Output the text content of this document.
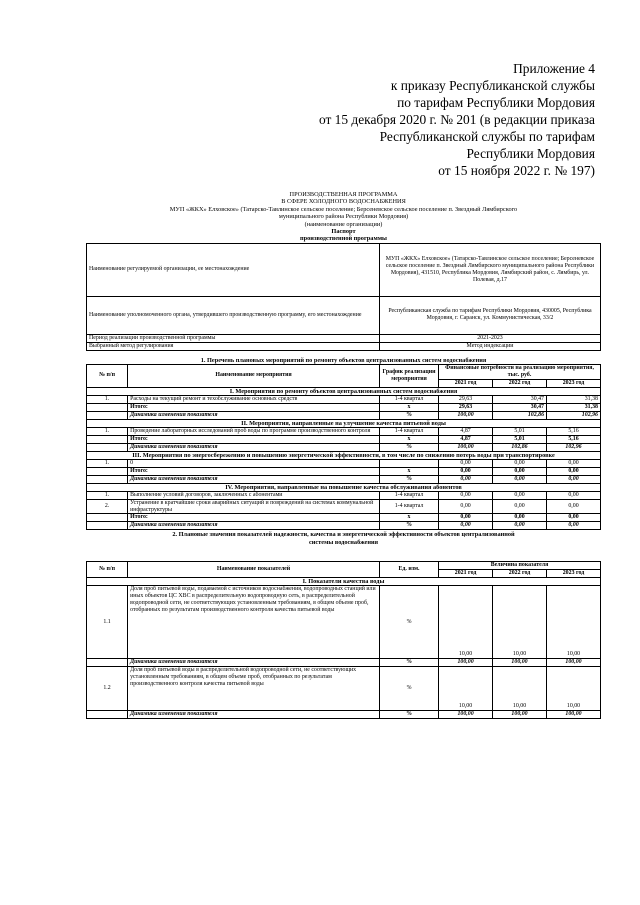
Приложение 4
к приказу Республиканской службы
по тарифам Республики Мордовия
от 15 декабря 2020 г. № 201 (в редакции приказа
Республиканской службы по тарифам
Республики Мордовия
от 15 ноября 2022 г. № 197)
ПРОИЗВОДСТВЕННАЯ ПРОГРАММА
В СФЕРЕ ХОЛОДНОГО ВОДОСНАБЖЕНИЯ
МУП «ЖКХ» Елховское» (Татарско-Тавлинское сельское поселение; Берсеневское сельское поселение п. Звездный Лямбирского
муниципального района Республики Мордовия)
(наименование организации)
Паспорт
производственной программы
Наименование регулируемой организации, ее местонахождение	МУП «ЖКХ» Елховское» (Татарско-Тавлинское сельское поселение; Берсеневское сельское поселение п. Звездный Лямбирского муниципального района Республики Мордовия), 431510, Республика Мордовия, Лямбирский район, с. Лямбирь, ул. Полевая, д.17
Наименование уполномоченного органа, утвердившего производственную программу, его местонахождение	Республиканская служба по тарифам Республики Мордовия, 430005, Республика Мордовия, г. Саранск, ул. Коммунистическая, 33/2
Период реализации производственной программы	2021-2023
Выбранный метод регулирования	Метод индексации
1. Перечень плановых мероприятий по ремонту объектов централизованных систем водоснабжения
№ п/п	Наименование мероприятия	График реализации мероприятия	Финансовые потребности на реализацию мероприятия, тыс. руб.		
			2021 год	2022 год	2023 год
I. Мероприятия по ремонту объектов централизованных систем водоснабжения					
1.	Расходы на текущий ремонт и техобслуживание основных средств	1-4 квартал	29,63	30,47	31,38
	Итого:	х	29,63	30,47	31,38
	Динамика изменения показателя	%	100,00	102,86	102,96
II. Мероприятия, направленные на улучшение качества питьевой воды					
1.	Проведение лабораторных исследований проб воды по программе производственного контроля	1-4 квартал	4,87	5,01	5,16
	Итого:	х	4,87	5,01	5,16
	Динамика изменения показателя	%	100,00	102,86	102,96
III. Мероприятия по энергосбережению и повышению энергетической эффективности, в том числе по снижению потерь воды при транспортировке					
1.	0		0,00	0,00	0,00
	Итого:	х	0,00	0,00	0,00
	Динамика изменения показателя	%	0,00	0,00	0,00
IV. Мероприятия, направленные на повышение качества обслуживания абонентов					
1.	Выполнение условий договоров, заключенных с абонентами	1-4 квартал	0,00	0,00	0,00
2.	Устранение в кратчайшие сроки аварийных ситуаций и повреждений на системах коммунальной инфраструктуры	1-4 квартал	0,00	0,00	0,00
	Итого:	х	0,00	0,00	0,00
	Динамика изменения показателя	%	0,00	0,00	0,00
2. Плановые значения показателей надежности, качества и энергетической эффективности объектов централизованной
системы водоснабжения
№ п/п	Наименование показателей	Ед. изм.	Величина показателя		
			2021 год	2022 год	2023 год
I. Показатели качества воды					
1.1	Доля проб питьевой воды, подаваемой с источников водоснабжения, водопроводных станций или иных объектов ЦС ХВС в распределительную водопроводную сеть, в распределительной водопроводной сети, не соответствующих установленным требованиям, в общем объеме проб, отобранных по результатам производственного контроля качества питьевой воды	%	10,00	10,00	10,00
	Динамика изменения показателя	%	100,00	100,00	100,00
1.2	Доля проб питьевой воды в распределительной водопроводной сети, не соответствующих установленным требованиям, в общем объеме проб, отобранных по результатам производственного контроля качества питьевой воды	%	10,00	10,00	10,00
	Динамика изменения показателя	%	100,00	100,00	100,00
